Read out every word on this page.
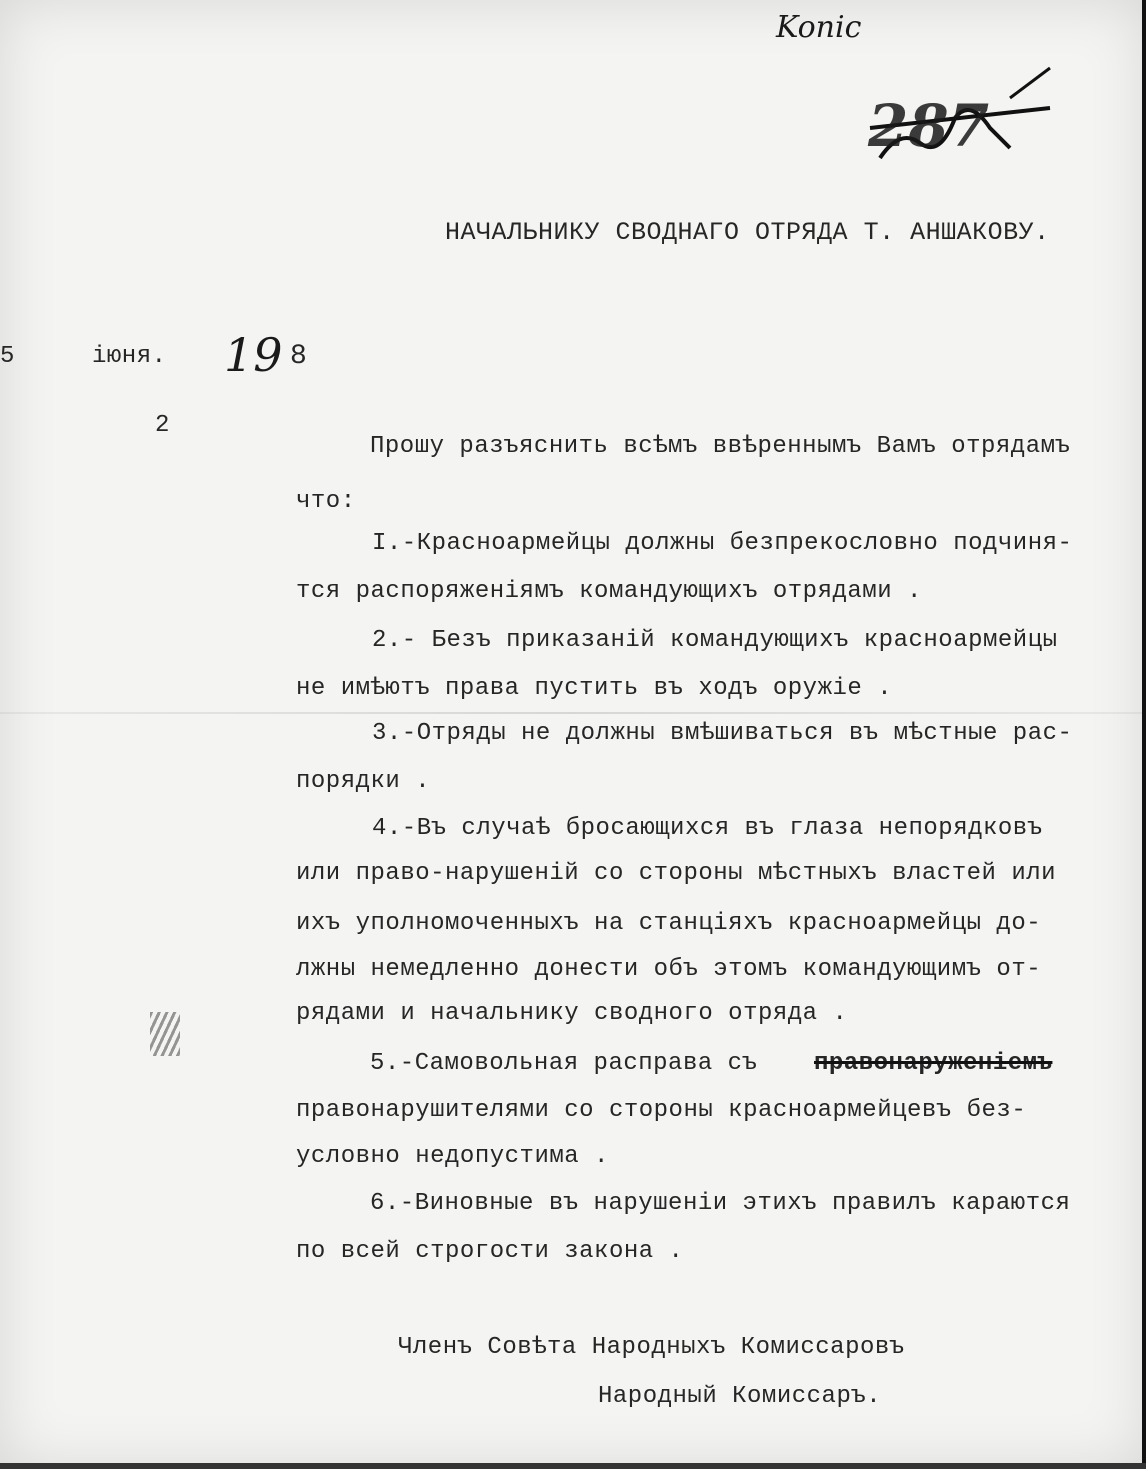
Konic
287
НАЧАЛЬНИКУ СВОДНАГО ОТРЯДА Т. АНШАКОВУ.
5	іюня. 19 8
2
Прошу разъяснить всѣмъ ввѣреннымъ Вамъ отрядамъ
что:
I.-Красноармейцы должны безпрекословно подчиня-
тся распоряженіямъ командующихъ отрядами .
2.- Безъ приказаній командующихъ красноармейцы
не имѣютъ права пустить въ ходъ оружіе .
3.-Отряды не должны вмѣшиваться въ мѣстные рас-
порядки .
4.-Въ случаѣ бросающихся въ глаза непорядковъ
или право-нарушеній со стороны мѣстныхъ властей или
ихъ уполномоченныхъ на станціяхъ красноармейцы до-
лжны немедленно донести объ этомъ командующимъ от-
рядами и начальнику сводного отряда .
5.-Самовольная расправа съ правонаруженіемъ
правонарушителями со стороны красноармейцевъ без-
условно недопустима .
6.-Виновные въ нарушеніи этихъ правилъ караются
по всей строгости закона .
Членъ Совѣта Народныхъ Комиссаровъ
Народный Комиссаръ.
